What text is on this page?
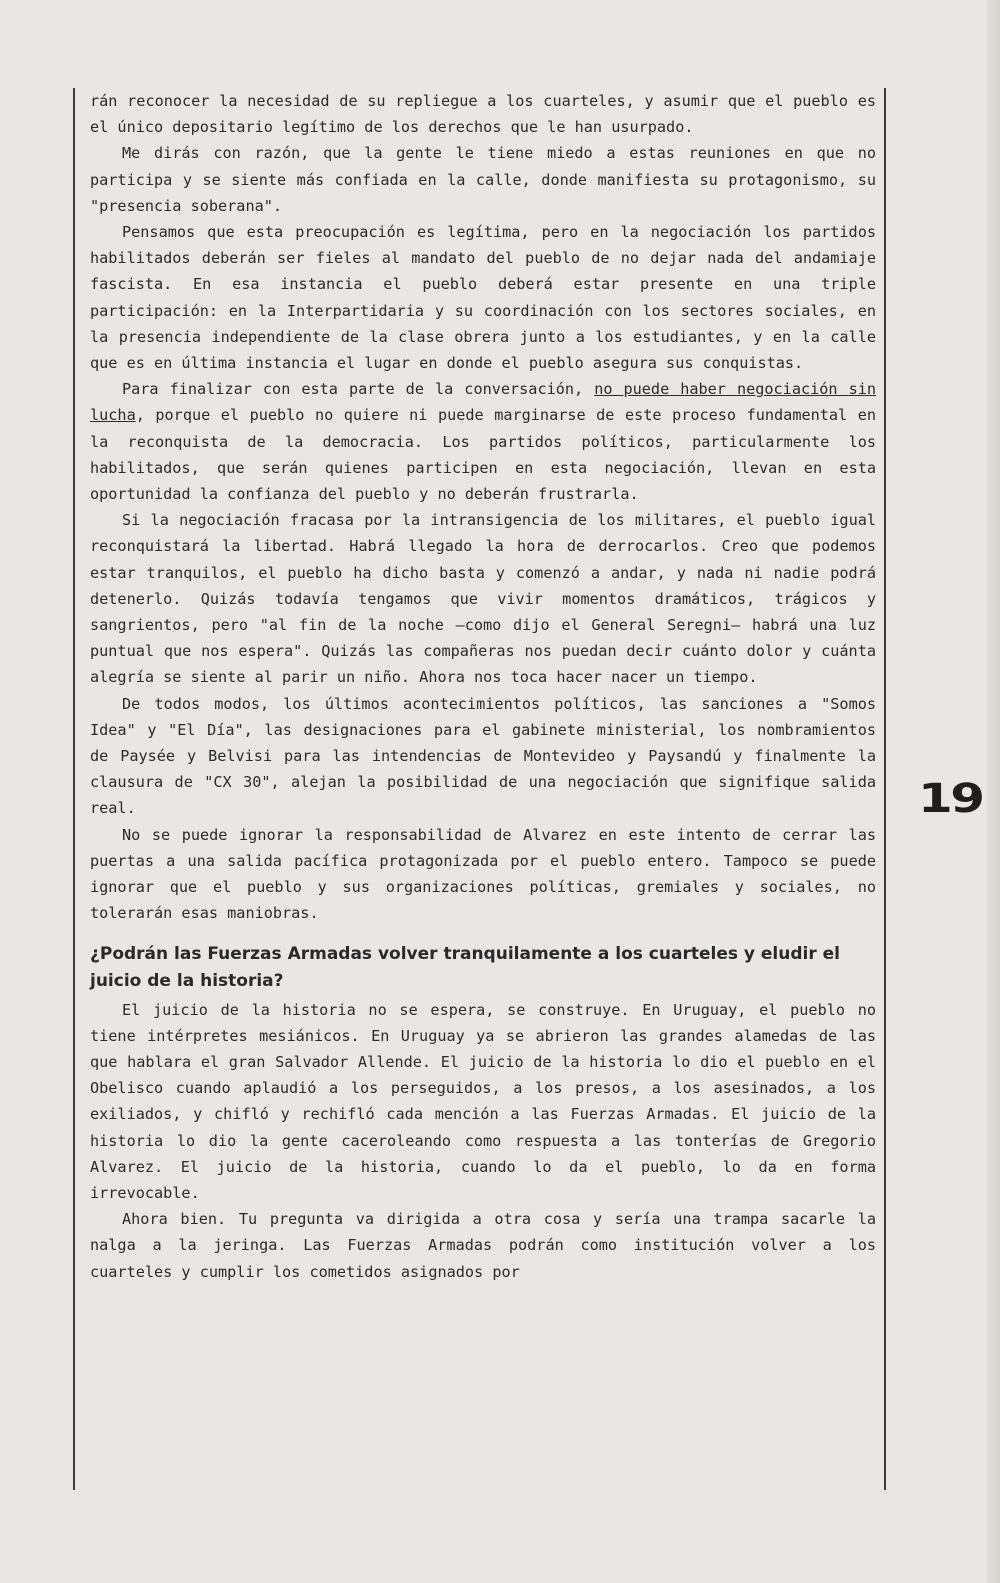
19

rán reconocer la necesidad de su repliegue a los cuarteles, y asumir que el pueblo es el único depositario legítimo de los derechos que le han usurpado.

Me dirás con razón, que la gente le tiene miedo a estas reuniones en que no participa y se siente más confiada en la calle, donde manifiesta su protagonismo, su "presencia soberana".

Pensamos que esta preocupación es legítima, pero en la negociación los partidos habilitados deberán ser fieles al mandato del pueblo de no dejar nada del andamiaje fascista. En esa instancia el pueblo deberá estar presente en una triple participación: en la Interpartidaria y su coordinación con los sectores sociales, en la presencia independiente de la clase obrera junto a los estudiantes, y en la calle que es en última instancia el lugar en donde el pueblo asegura sus conquistas.

Para finalizar con esta parte de la conversación, no puede haber negociación sin lucha, porque el pueblo no quiere ni puede marginarse de este proceso fundamental en la reconquista de la democracia. Los partidos políticos, particularmente los habilitados, que serán quienes participen en esta negociación, llevan en esta oportunidad la confianza del pueblo y no deberán frustrarla.

Si la negociación fracasa por la intransigencia de los militares, el pueblo igual reconquistará la libertad. Habrá llegado la hora de derrocarlos. Creo que podemos estar tranquilos, el pueblo ha dicho basta y comenzó a andar, y nada ni nadie podrá detenerlo. Quizás todavía tengamos que vivir momentos dramáticos, trágicos y sangrientos, pero "al fin de la noche —como dijo el General Seregni— habrá una luz puntual que nos espera". Quizás las compañeras nos puedan decir cuánto dolor y cuánta alegría se siente al parir un niño. Ahora nos toca hacer nacer un tiempo.

De todos modos, los últimos acontecimientos políticos, las sanciones a "Somos Idea" y "El Día", las designaciones para el gabinete ministerial, los nombramientos de Paysée y Belvisi para las intendencias de Montevideo y Paysandú y finalmente la clausura de "CX 30", alejan la posibilidad de una negociación que signifique salida real.

No se puede ignorar la responsabilidad de Alvarez en este intento de cerrar las puertas a una salida pacífica protagonizada por el pueblo entero. Tampoco se puede ignorar que el pueblo y sus organizaciones políticas, gremiales y sociales, no tolerarán esas maniobras.

¿Podrán las Fuerzas Armadas volver tranquilamente a los cuarteles y eludir el juicio de la historia?

El juicio de la historia no se espera, se construye. En Uruguay, el pueblo no tiene intérpretes mesiánicos. En Uruguay ya se abrieron las grandes alamedas de las que hablara el gran Salvador Allende. El juicio de la historia lo dio el pueblo en el Obelisco cuando aplaudió a los perseguidos, a los presos, a los asesinados, a los exiliados, y chifló y rechifló cada mención a las Fuerzas Armadas. El juicio de la historia lo dio la gente caceroleando como respuesta a las tonterías de Gregorio Alvarez. El juicio de la historia, cuando lo da el pueblo, lo da en forma irrevocable.

Ahora bien. Tu pregunta va dirigida a otra cosa y sería una trampa sacarle la nalga a la jeringa. Las Fuerzas Armadas podrán como institución volver a los cuarteles y cumplir los cometidos asignados por
